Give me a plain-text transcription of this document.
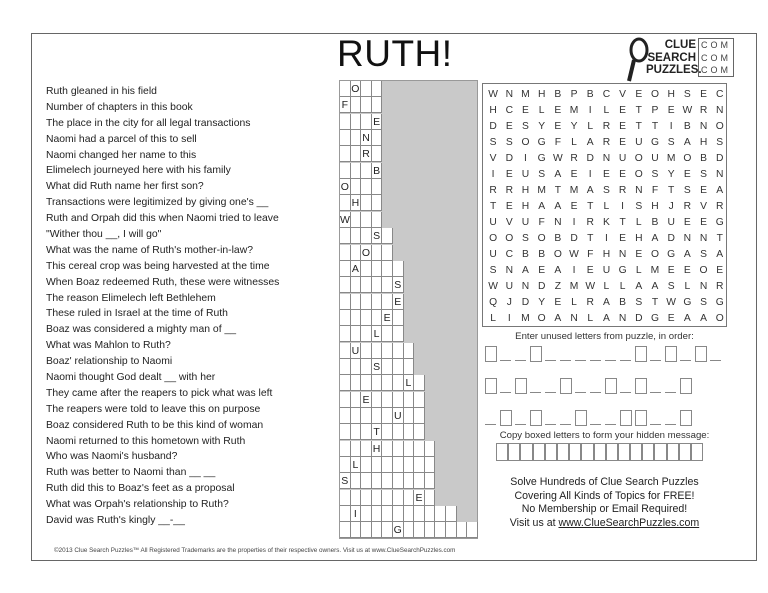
RUTH!	CLUE
SEARCH
PUZZLES.
COM
COM
COM
Ruth gleaned in his field
Number of chapters in this book
The place in the city for all legal transactions
Naomi had a parcel of this to sell
Naomi changed her name to this
Elimelech journeyed here with his family
What did Ruth name her first son?
Transactions were legitimized by giving one's __
Ruth and Orpah did this when Naomi tried to leave
"Wither thou __, I will go"
What was the name of Ruth's mother-in-law?
This cereal crop was being harvested at the time
When Boaz redeemed Ruth, these were witnesses
The reason Elimelech left Bethlehem
These ruled in Israel at the time of Ruth
Boaz was considered a mighty man of __
What was Mahlon to Ruth?
Boaz' relationship to Naomi
Naomi thought God dealt __ with her
They came after the reapers to pick what was left
The reapers were told to leave this on purpose
Boaz considered Ruth to be this kind of woman
Naomi returned to this hometown with Ruth
Who was Naomi's husband?
Ruth was better to Naomi than __ __
Ruth did this to Boaz's feet as a proposal
What was Orpah's relationship to Ruth?
David was Ruth's kingly __-__
O
F
E
N
R
B
O
H
W
S
O
A
S
E
E
L
U
S
L
E
U
T
H
L
S
E
I
G
W N M H B P B C V E O H S E C
H C E L E M	I	L E T P E W R N
D E S Y E Y L R E T T	I	B N O
S S O G F L A R E U G S A H S
V D	I	G W R D N U O U M O B D
I	E U S A E	I	E E O S Y E S N
R R H M T M A S R N F T S E A
T E H A A E T L	I	S H J R V R
U V U F N	I	R K T L B U E E G
O O S O B D T	I	E H A D N N T
U C B B O W F H N E O G A S A
S N A E A	I	E U G L M E E O E
W U N D Z M W L	L A A S L N R
Q J D Y E L R A B S T W G S G
L	I	M O A N L A N D G E A A O
Enter unused letters from puzzle, in order:
Copy boxed letters to form your hidden message:
Solve Hundreds of Clue Search Puzzles
Covering All Kinds of Topics for FREE!
No Membership or Email Required!
Visit us at www.ClueSearchPuzzles.com
©2013 Clue Search Puzzles™ All Registered Trademarks are the properties of their respective owners. Visit us at www.ClueSearchPuzzles.com
